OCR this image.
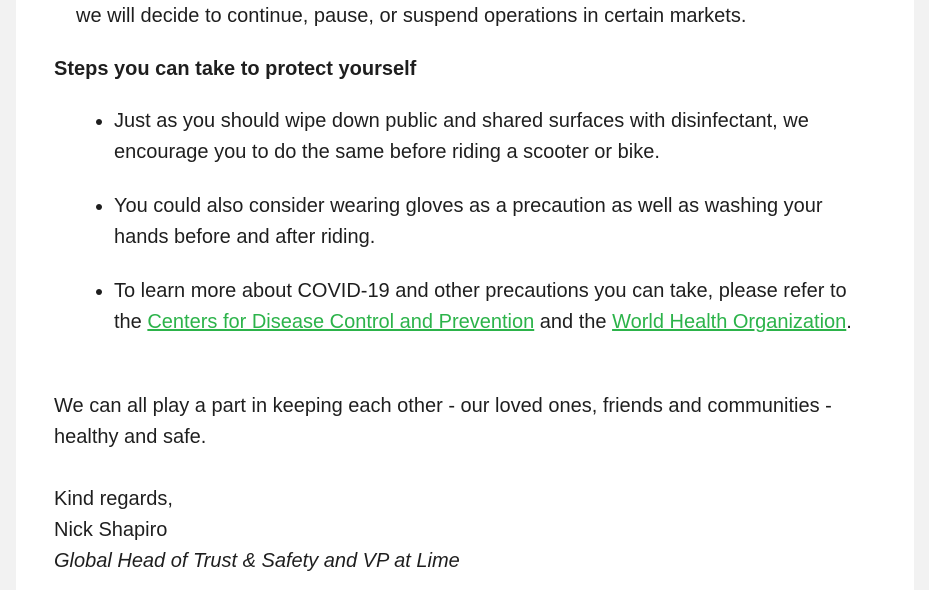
we will decide to continue, pause, or suspend operations in certain markets.
Steps you can take to protect yourself
• Just as you should wipe down public and shared surfaces with disinfectant, we encourage you to do the same before riding a scooter or bike.
• You could also consider wearing gloves as a precaution as well as washing your hands before and after riding.
• To learn more about COVID-19 and other precautions you can take, please refer to the Centers for Disease Control and Prevention and the World Health Organization.
We can all play a part in keeping each other - our loved ones, friends and communities - healthy and safe.
Kind regards,
Nick Shapiro
Global Head of Trust & Safety and VP at Lime
